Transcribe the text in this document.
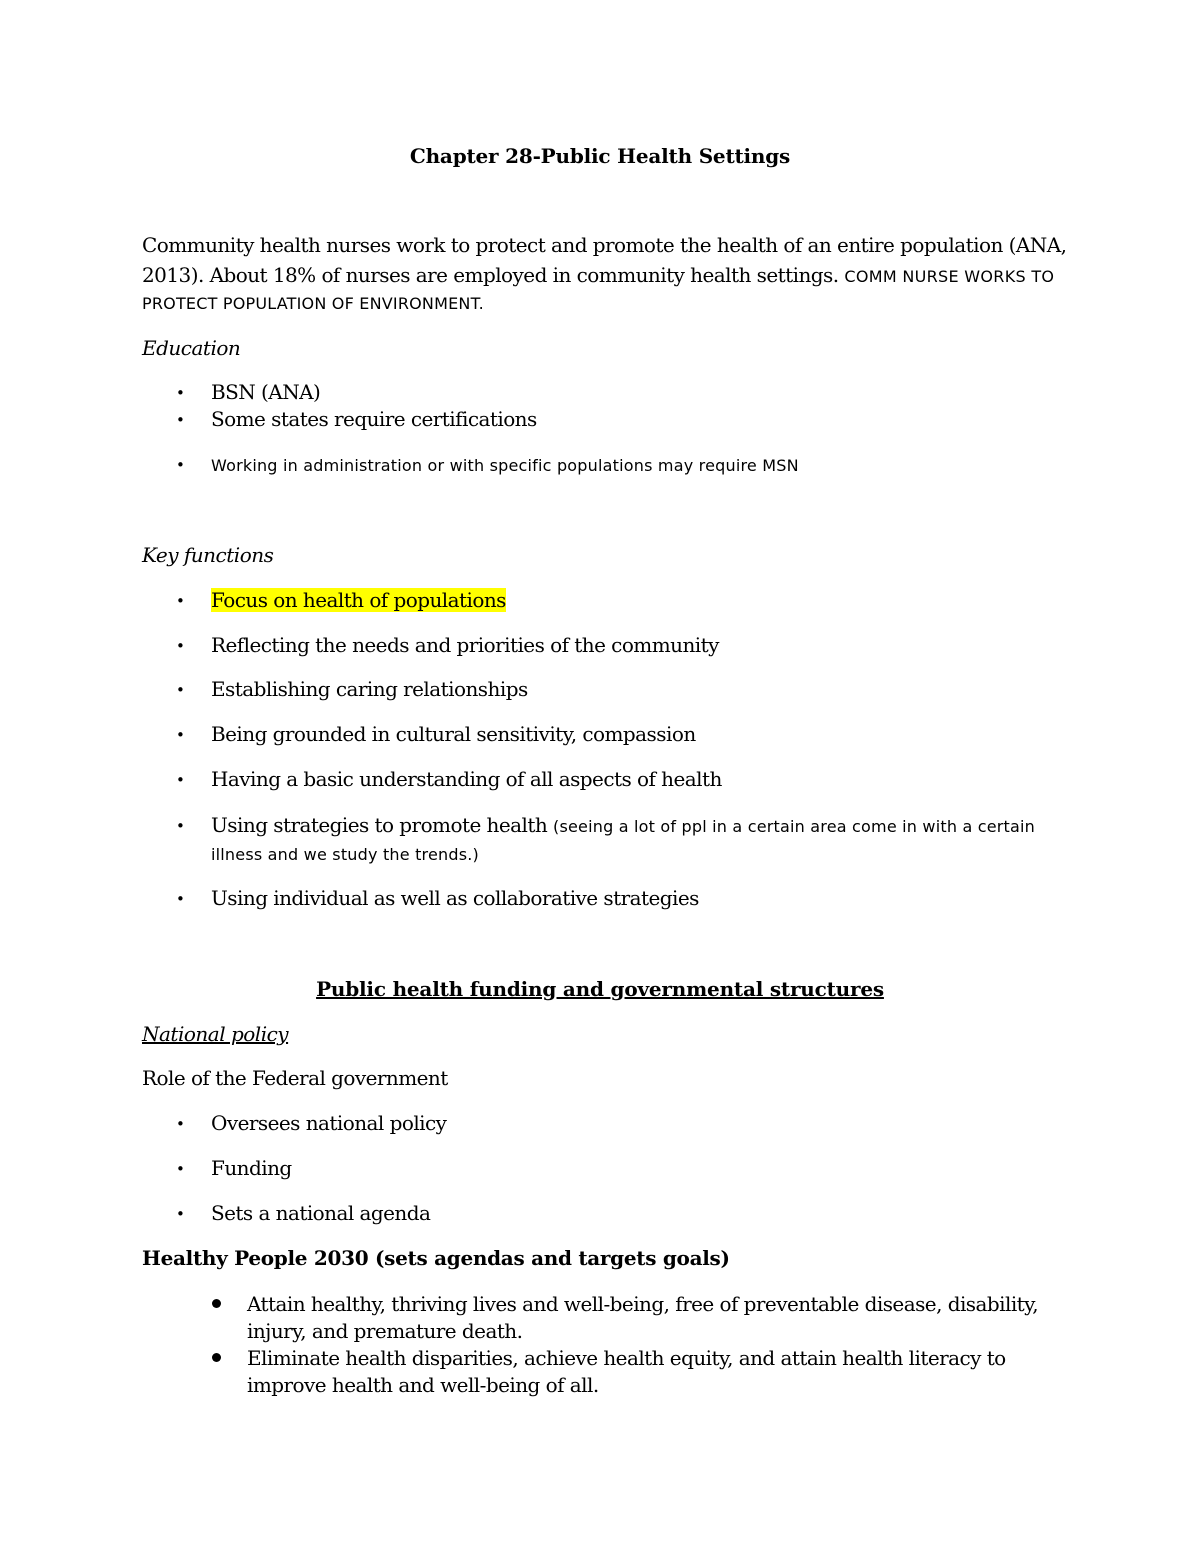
Chapter 28-Public Health Settings
Community health nurses work to protect and promote the health of an entire population (ANA,
2013). About 18% of nurses are employed in community health settings. COMM NURSE WORKS TO
PROTECT POPULATION OF ENVIRONMENT.
Education
• BSN (ANA)
• Some states require certifications
• Working in administration or with specific populations may require MSN
Key functions
• Focus on health of populations
• Reflecting the needs and priorities of the community
• Establishing caring relationships
• Being grounded in cultural sensitivity, compassion
• Having a basic understanding of all aspects of health
• Using strategies to promote health (seeing a lot of ppl in a certain area come in with a certain
illness and we study the trends.)
• Using individual as well as collaborative strategies
Public health funding and governmental structures
National policy
Role of the Federal government
• Oversees national policy
• Funding
• Sets a national agenda
Healthy People 2030 (sets agendas and targets goals)
Attain healthy, thriving lives and well-being, free of preventable disease, disability,
injury, and premature death.
Eliminate health disparities, achieve health equity, and attain health literacy to
improve health and well-being of all.
